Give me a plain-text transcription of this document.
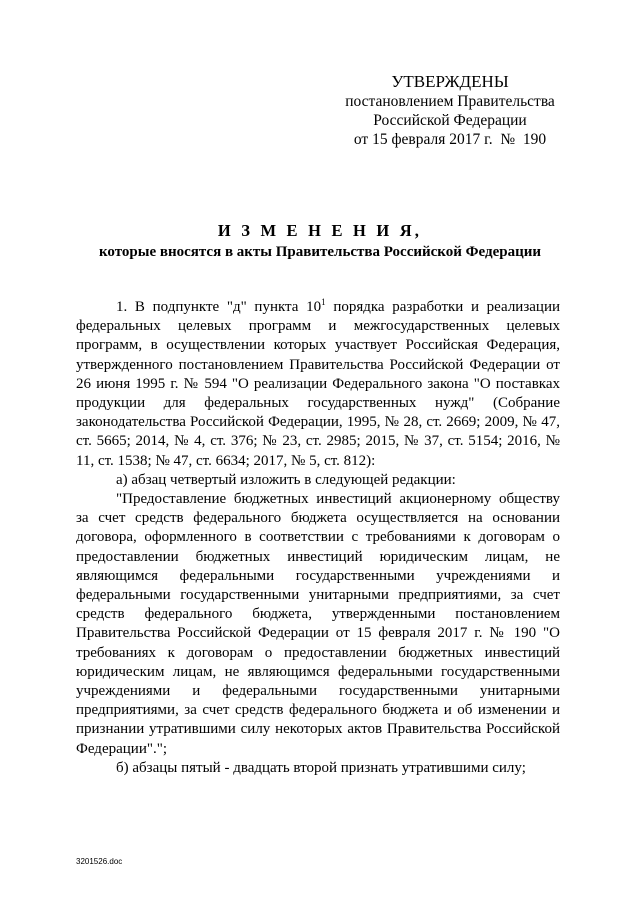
УТВЕРЖДЕНЫ
постановлением Правительства
Российской Федерации
от 15 февраля 2017 г.  №  190
И З М Е Н Е Н И Я,
которые вносятся в акты Правительства Российской Федерации

1. В подпункте "д" пункта $10^1$ порядка разработки и реализации федеральных целевых программ и межгосударственных целевых программ, в осуществлении которых участвует Российская Федерация, утвержденного постановлением Правительства Российской Федерации от 26 июня 1995 г. № 594 "О реализации Федерального закона "О поставках продукции для федеральных государственных нужд" (Собрание законодательства Российской Федерации, 1995, № 28, ст. 2669; 2009, № 47, ст. 5665; 2014, № 4, ст. 376; № 23, ст. 2985; 2015, № 37, ст. 5154; 2016, № 11, ст. 1538; № 47, ст. 6634; 2017, № 5, ст. 812):

а) абзац четвертый изложить в следующей редакции:

"Предоставление бюджетных инвестиций акционерному обществу за счет средств федерального бюджета осуществляется на основании договора, оформленного в соответствии с требованиями к договорам о предоставлении бюджетных инвестиций юридическим лицам, не являющимся федеральными государственными учреждениями и федеральными государственными унитарными предприятиями, за счет средств федерального бюджета, утвержденными постановлением Правительства Российской Федерации от 15 февраля 2017 г. № 190 "О требованиях к договорам о предоставлении бюджетных инвестиций юридическим лицам, не являющимся федеральными государственными учреждениями и федеральными государственными унитарными предприятиями, за счет средств федерального бюджета и об изменении и признании утратившими силу некоторых актов Правительства Российской Федерации".";

б) абзацы пятый - двадцать второй признать утратившими силу;

3201526.doc
